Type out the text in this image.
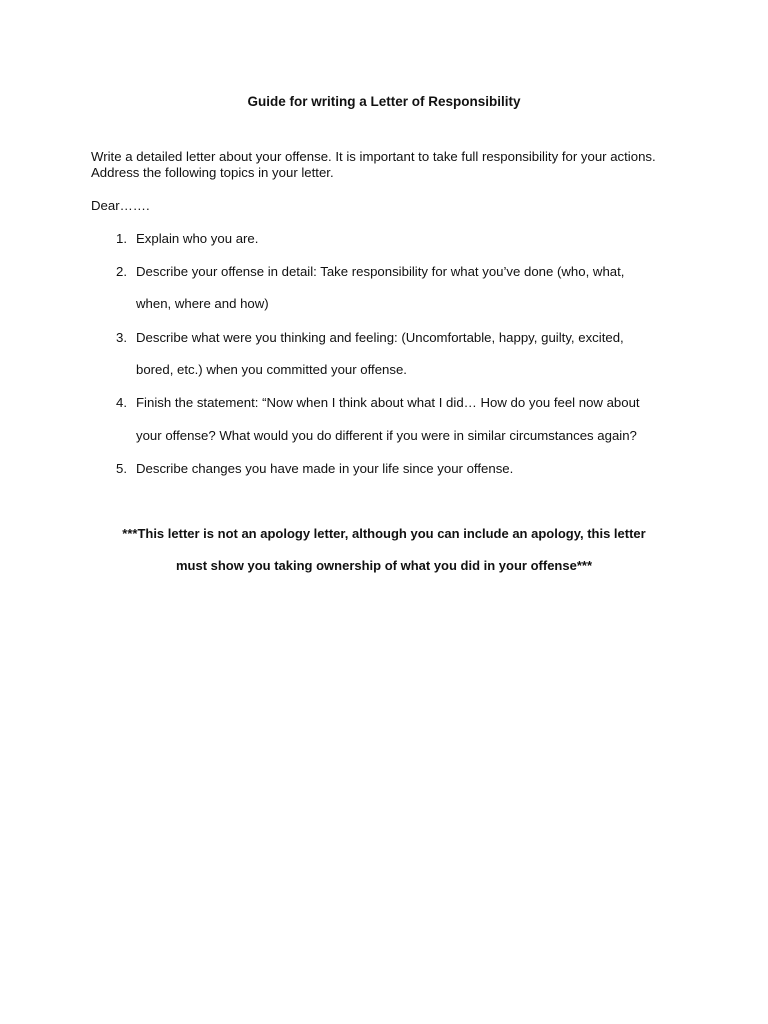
Guide for writing a Letter of Responsibility
Write a detailed letter about your offense. It is important to take full responsibility for your actions. Address the following topics in your letter.
Dear…….
1. Explain who you are.
2. Describe your offense in detail: Take responsibility for what you’ve done (who, what,
when, where and how)
3. Describe what were you thinking and feeling: (Uncomfortable, happy, guilty, excited,
bored, etc.) when you committed your offense.
4. Finish the statement: “Now when I think about what I did… How do you feel now about
your offense? What would you do different if you were in similar circumstances again?
5. Describe changes you have made in your life since your offense.
***This letter is not an apology letter, although you can include an apology, this letter
must show you taking ownership of what you did in your offense***
